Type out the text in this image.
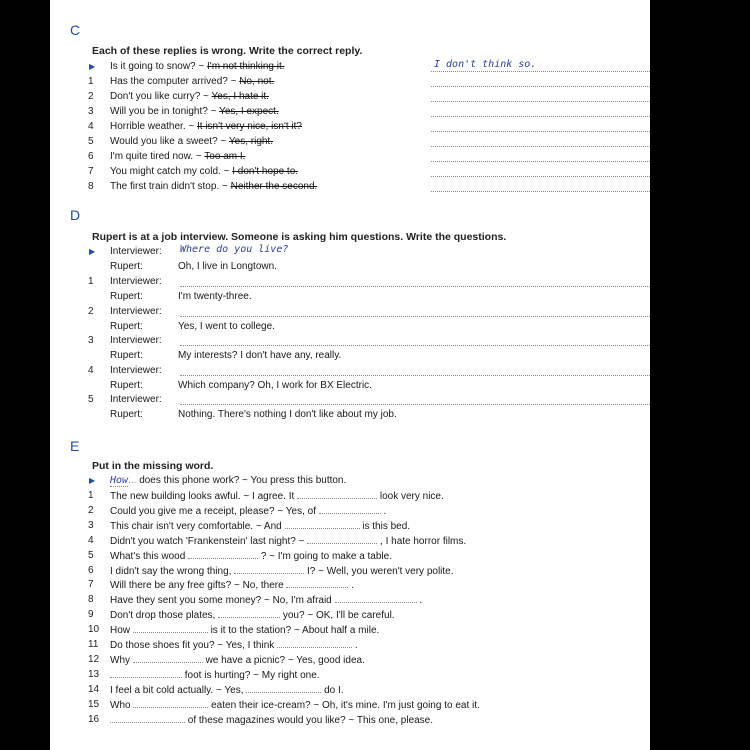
C
Each of these replies is wrong. Write the correct reply.
▶ Is it going to snow? ~ I'm not thinking it.	I don't think so.
1	Has the computer arrived? ~ No, not.
2	Don't you like curry? ~ Yes, I hate it.
3	Will you be in tonight? ~ Yes, I expect.
4	Horrible weather. ~ It isn't very nice, isn't it?
5	Would you like a sweet? ~ Yes, right.
6	I'm quite tired now. ~ Too am I.
7	You might catch my cold. ~ I don't hope to.
8	The first train didn't stop. ~ Neither the second.
D
Rupert is at a job interview. Someone is asking him questions. Write the questions.
▶ Interviewer: Where do you live?
Rupert:	Oh, I live in Longtown.
1	Interviewer:
Rupert:	I'm twenty-three.
2	Interviewer:
Rupert:	Yes, I went to college.
3	Interviewer:
Rupert:	My interests? I don't have any, really.
4	Interviewer:
Rupert:	Which company? Oh, I work for BX Electric.
5	Interviewer:
Rupert:	Nothing. There's nothing I don't like about my job.
E
Put in the missing word.
▶ How... does this phone work? ~ You press this button.
1	The new building looks awful. ~ I agree. It	look very nice.
2	Could you give me a receipt, please? ~ Yes, of	.
3	This chair isn't very comfortable. ~ And	is this bed.
4	Didn't you watch 'Frankenstein' last night? ~	, I hate horror films.
5	What's this wood	? ~ I'm going to make a table.
6	I didn't say the wrong thing,	I? ~ Well, you weren't very polite.
7	Will there be any free gifts? ~ No, there	.
8	Have they sent you some money? ~ No, I'm afraid	.
9	Don't drop those plates,	you? ~ OK, I'll be careful.
10 How	is it to the station? ~ About half a mile.
11 Do those shoes fit you? ~ Yes, I think	.
12 Why	we have a picnic? ~ Yes, good idea.
13	foot is hurting? ~ My right one.
14 I feel a bit cold actually. ~ Yes,	do I.
15 Who	eaten their ice-cream? ~ Oh, it's mine. I'm just going to eat it.
16	of these magazines would you like? ~ This one, please.
